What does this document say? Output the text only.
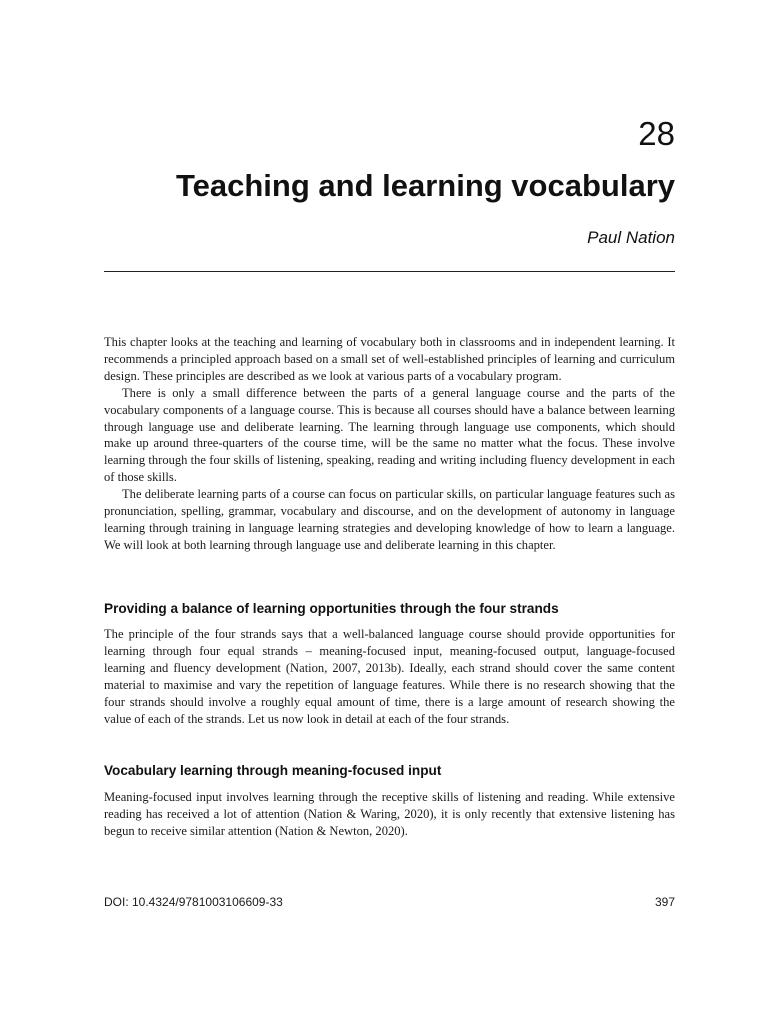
28
Teaching and learning vocabulary
Paul Nation

This chapter looks at the teaching and learning of vocabulary both in classrooms and in independent learning. It recommends a principled approach based on a small set of well-established principles of learning and curriculum design. These principles are described as we look at various parts of a vocabulary program.

There is only a small difference between the parts of a general language course and the parts of the vocabulary components of a language course. This is because all courses should have a balance between learning through language use and deliberate learning. The learning through language use components, which should make up around three-quarters of the course time, will be the same no matter what the focus. These involve learning through the four skills of listening, speaking, reading and writing including fluency development in each of those skills.

The deliberate learning parts of a course can focus on particular skills, on particular language features such as pronunciation, spelling, grammar, vocabulary and discourse, and on the development of autonomy in language learning through training in language learning strategies and developing knowledge of how to learn a language. We will look at both learning through language use and deliberate learning in this chapter.

Providing a balance of learning opportunities through the four strands

The principle of the four strands says that a well-balanced language course should provide opportunities for learning through four equal strands – meaning-focused input, meaning-focused output, language-focused learning and fluency development (Nation, 2007, 2013b). Ideally, each strand should cover the same content material to maximise and vary the repetition of language features. While there is no research showing that the four strands should involve a roughly equal amount of time, there is a large amount of research showing the value of each of the strands. Let us now look in detail at each of the four strands.

Vocabulary learning through meaning-focused input

Meaning-focused input involves learning through the receptive skills of listening and reading. While extensive reading has received a lot of attention (Nation & Waring, 2020), it is only recently that extensive listening has begun to receive similar attention (Nation & Newton, 2020).

DOI: 10.4324/9781003106609-33	397
